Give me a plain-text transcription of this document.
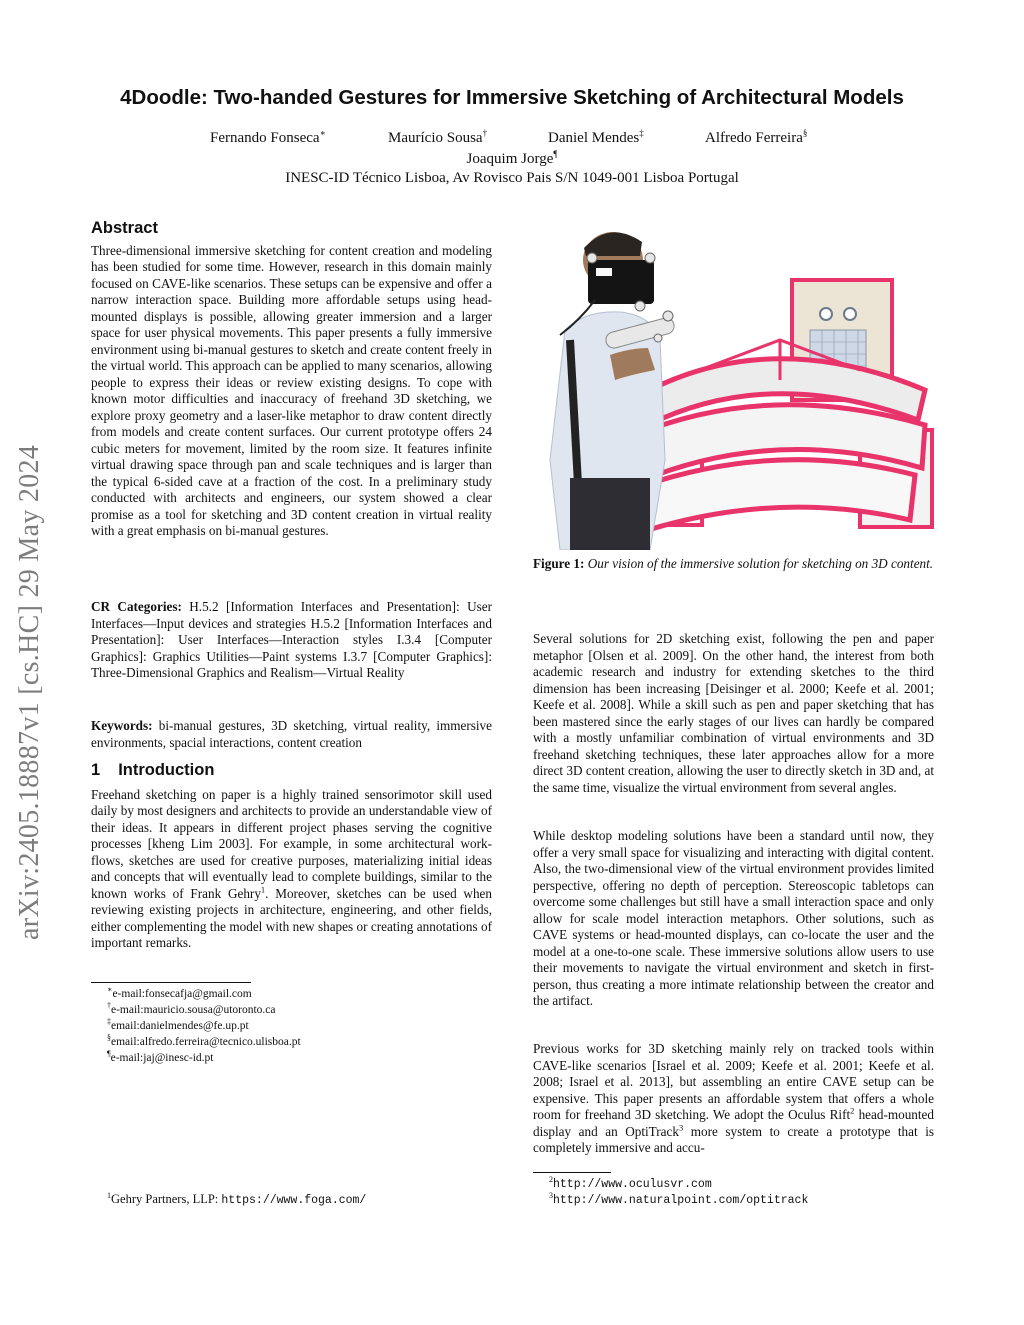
arXiv:2405.18887v1 [cs.HC] 29 May 2024
4Doodle: Two-handed Gestures for Immersive Sketching of Architectural Models
Fernando Fonseca∗	Maurício Sousa†	Daniel Mendes‡	Alfredo Ferreira§
Joaquim Jorge¶
INESC-ID Técnico Lisboa, Av Rovisco Pais S/N 1049-001 Lisboa Portugal
Abstract

Three-dimensional immersive sketching for content creation and modeling has been studied for some time. However, research in this domain mainly focused on CAVE-like scenarios. These setups can be expensive and offer a narrow interaction space. Building more affordable setups using head-mounted displays is possible, allowing greater immersion and a larger space for user physical movements. This paper presents a fully immersive environment using bi-manual gestures to sketch and create content freely in the virtual world. This approach can be applied to many scenarios, allowing people to express their ideas or review existing designs. To cope with known motor difficulties and inaccuracy of freehand 3D sketching, we explore proxy geometry and a laser-like metaphor to draw content directly from models and create content surfaces. Our current prototype offers 24 cubic meters for movement, limited by the room size. It features infinite virtual drawing space through pan and scale techniques and is larger than the typical 6-sided cave at a fraction of the cost. In a preliminary study conducted with architects and engineers, our system showed a clear promise as a tool for sketching and 3D content creation in virtual reality with a great emphasis on bi-manual gestures.

CR Categories: H.5.2 [Information Interfaces and Presentation]: User Interfaces—Input devices and strategies H.5.2 [Information Interfaces and Presentation]: User Interfaces—Interaction styles I.3.4 [Computer Graphics]: Graphics Utilities—Paint systems I.3.7 [Computer Graphics]: Three-Dimensional Graphics and Realism—Virtual Reality

Keywords: bi-manual gestures, 3D sketching, virtual reality, immersive environments, spacial interactions, content creation

1 Introduction

Freehand sketching on paper is a highly trained sensorimotor skill used daily by most designers and architects to provide an understandable view of their ideas. It appears in different project phases serving the cognitive processes [kheng Lim 2003]. For example, in some architectural work-flows, sketches are used for creative purposes, materializing initial ideas and concepts that will eventually lead to complete buildings, similar to the known works of Frank Gehry$^1$. Moreover, sketches can be used when reviewing existing projects in architecture, engineering, and other fields, either complementing the model with new shapes or creating annotations of important remarks.

∗e-mail:fonsecafja@gmail.com
†e-mail:mauricio.sousa@utoronto.ca
‡email:danielmendes@fe.up.pt
§email:alfredo.ferreira@tecnico.ulisboa.pt
¶e-mail:jaj@inesc-id.pt
$^1$Gehry Partners, LLP: https://www.foga.com/
Figure 1: Our vision of the immersive solution for sketching on 3D content.

Several solutions for 2D sketching exist, following the pen and paper metaphor [Olsen et al. 2009]. On the other hand, the interest from both academic research and industry for extending sketches to the third dimension has been increasing [Deisinger et al. 2000; Keefe et al. 2001; Keefe et al. 2008]. While a skill such as pen and paper sketching that has been mastered since the early stages of our lives can hardly be compared with a mostly unfamiliar combination of virtual environments and 3D freehand sketching techniques, these later approaches allow for a more direct 3D content creation, allowing the user to directly sketch in 3D and, at the same time, visualize the virtual environment from several angles.

While desktop modeling solutions have been a standard until now, they offer a very small space for visualizing and interacting with digital content. Also, the two-dimensional view of the virtual environment provides limited perspective, offering no depth of perception. Stereoscopic tabletops can overcome some challenges but still have a small interaction space and only allow for scale model interaction metaphors. Other solutions, such as CAVE systems or head-mounted displays, can co-locate the user and the model at a one-to-one scale. These immersive solutions allow users to use their movements to navigate the virtual environment and sketch in first-person, thus creating a more intimate relationship between the creator and the artifact.

Previous works for 3D sketching mainly rely on tracked tools within CAVE-like scenarios [Israel et al. 2009; Keefe et al. 2001; Keefe et al. 2008; Israel et al. 2013], but assembling an entire CAVE setup can be expensive. This paper presents an affordable system that offers a whole room for freehand 3D sketching. We adopt the Oculus Rift$^2$ head-mounted display and an OptiTrack$^3$ more system to create a prototype that is completely immersive and accu-

$^2$http://www.oculusvr.com
$^3$http://www.naturalpoint.com/optitrack
